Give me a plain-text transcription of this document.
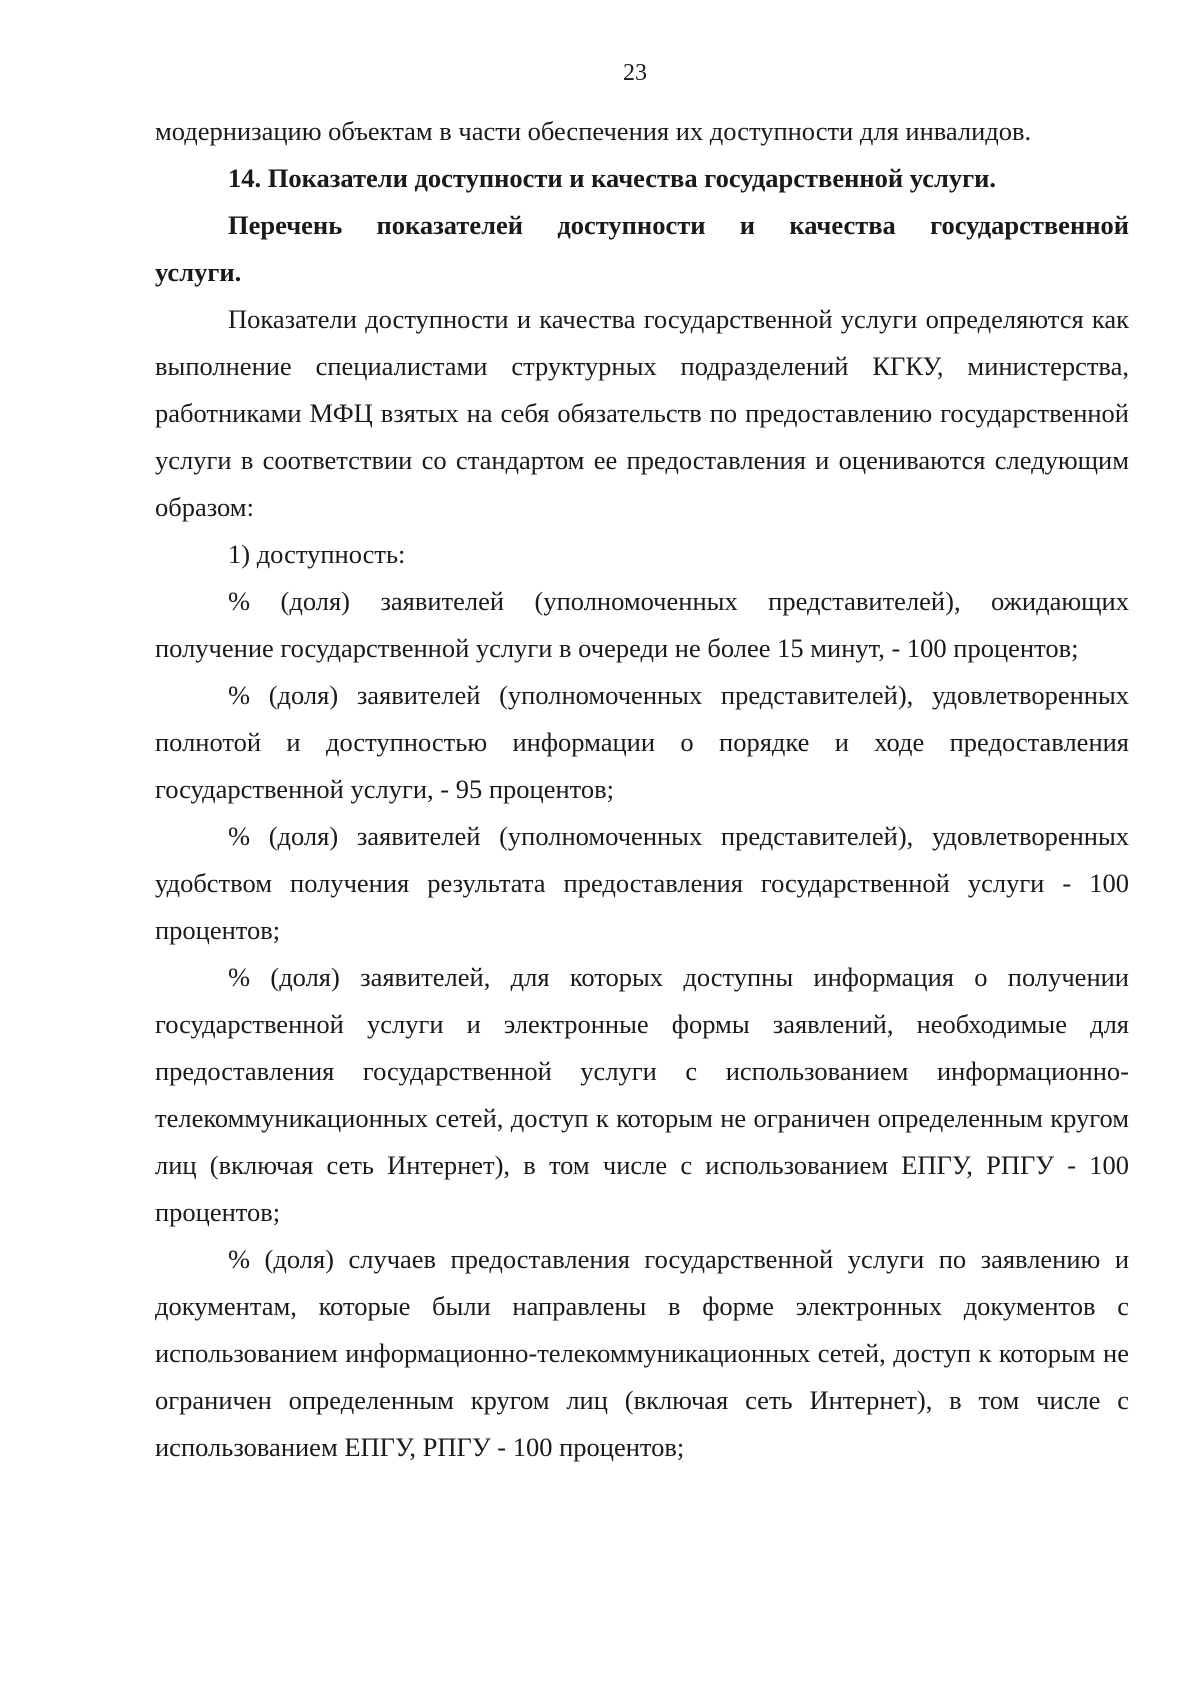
23

модернизацию объектам в части обеспечения их доступности для инвалидов.

14. Показатели доступности и качества государственной услуги.

Перечень показателей доступности и качества государственной услуги.

Показатели доступности и качества государственной услуги определяются как выполнение специалистами структурных подразделений КГКУ, министерства, работниками МФЦ взятых на себя обязательств по предоставлению государственной услуги в соответствии со стандартом ее предоставления и оцениваются следующим образом:

1) доступность:

% (доля) заявителей (уполномоченных представителей), ожидающих получение государственной услуги в очереди не более 15 минут, - 100 процентов;

% (доля) заявителей (уполномоченных представителей), удовлетворенных полнотой и доступностью информации о порядке и ходе предоставления государственной услуги, - 95 процентов;

% (доля) заявителей (уполномоченных представителей), удовлетворенных удобством получения результата предоставления государственной услуги - 100 процентов;

% (доля) заявителей, для которых доступны информация о получении государственной услуги и электронные формы заявлений, необходимые для предоставления государственной услуги с использованием информационно-телекоммуникационных сетей, доступ к которым не ограничен определенным кругом лиц (включая сеть Интернет), в том числе с использованием ЕПГУ, РПГУ - 100 процентов;

% (доля) случаев предоставления государственной услуги по заявлению и документам, которые были направлены в форме электронных документов с использованием информационно-телекоммуникационных сетей, доступ к которым не ограничен определенным кругом лиц (включая сеть Интернет), в том числе с использованием ЕПГУ, РПГУ - 100 процентов;
